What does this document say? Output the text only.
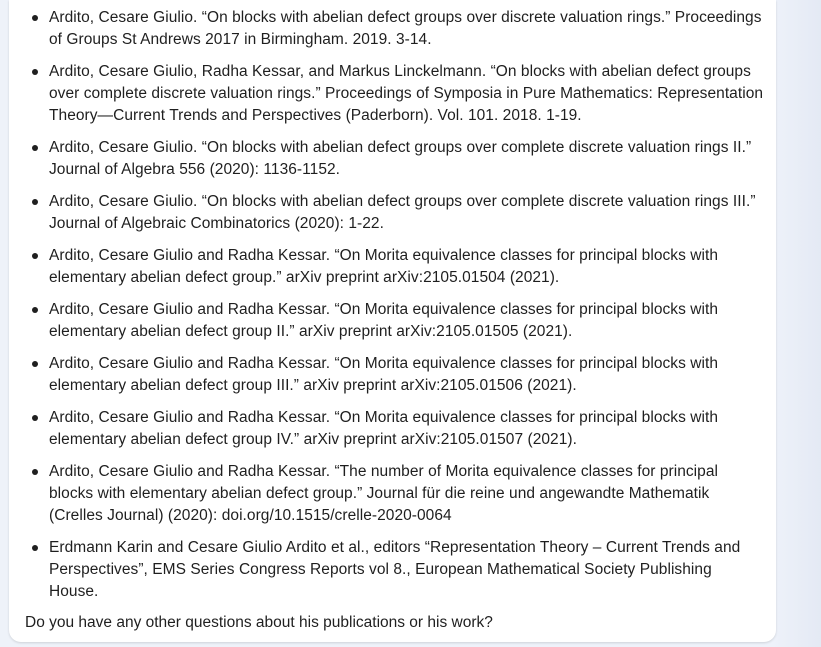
Ardito, Cesare Giulio. “On blocks with abelian defect groups over discrete valuation rings.” Proceedings of Groups St Andrews 2017 in Birmingham. 2019. 3-14.
Ardito, Cesare Giulio, Radha Kessar, and Markus Linckelmann. “On blocks with abelian defect groups over complete discrete valuation rings.” Proceedings of Symposia in Pure Mathematics: Representation Theory—Current Trends and Perspectives (Paderborn). Vol. 101. 2018. 1-19.
Ardito, Cesare Giulio. “On blocks with abelian defect groups over complete discrete valuation rings II.” Journal of Algebra 556 (2020): 1136-1152.
Ardito, Cesare Giulio. “On blocks with abelian defect groups over complete discrete valuation rings III.” Journal of Algebraic Combinatorics (2020): 1-22.
Ardito, Cesare Giulio and Radha Kessar. “On Morita equivalence classes for principal blocks with elementary abelian defect group.” arXiv preprint arXiv:2105.01504 (2021).
Ardito, Cesare Giulio and Radha Kessar. “On Morita equivalence classes for principal blocks with elementary abelian defect group II.” arXiv preprint arXiv:2105.01505 (2021).
Ardito, Cesare Giulio and Radha Kessar. “On Morita equivalence classes for principal blocks with elementary abelian defect group III.” arXiv preprint arXiv:2105.01506 (2021).
Ardito, Cesare Giulio and Radha Kessar. “On Morita equivalence classes for principal blocks with elementary abelian defect group IV.” arXiv preprint arXiv:2105.01507 (2021).
Ardito, Cesare Giulio and Radha Kessar. “The number of Morita equivalence classes for principal blocks with elementary abelian defect group.” Journal für die reine und angewandte Mathematik (Crelles Journal) (2020): doi.org/10.1515/crelle-2020-0064
Erdmann Karin and Cesare Giulio Ardito et al., editors “Representation Theory – Current Trends and Perspectives”, EMS Series Congress Reports vol 8., European Mathematical Society Publishing House.
Do you have any other questions about his publications or his work?
